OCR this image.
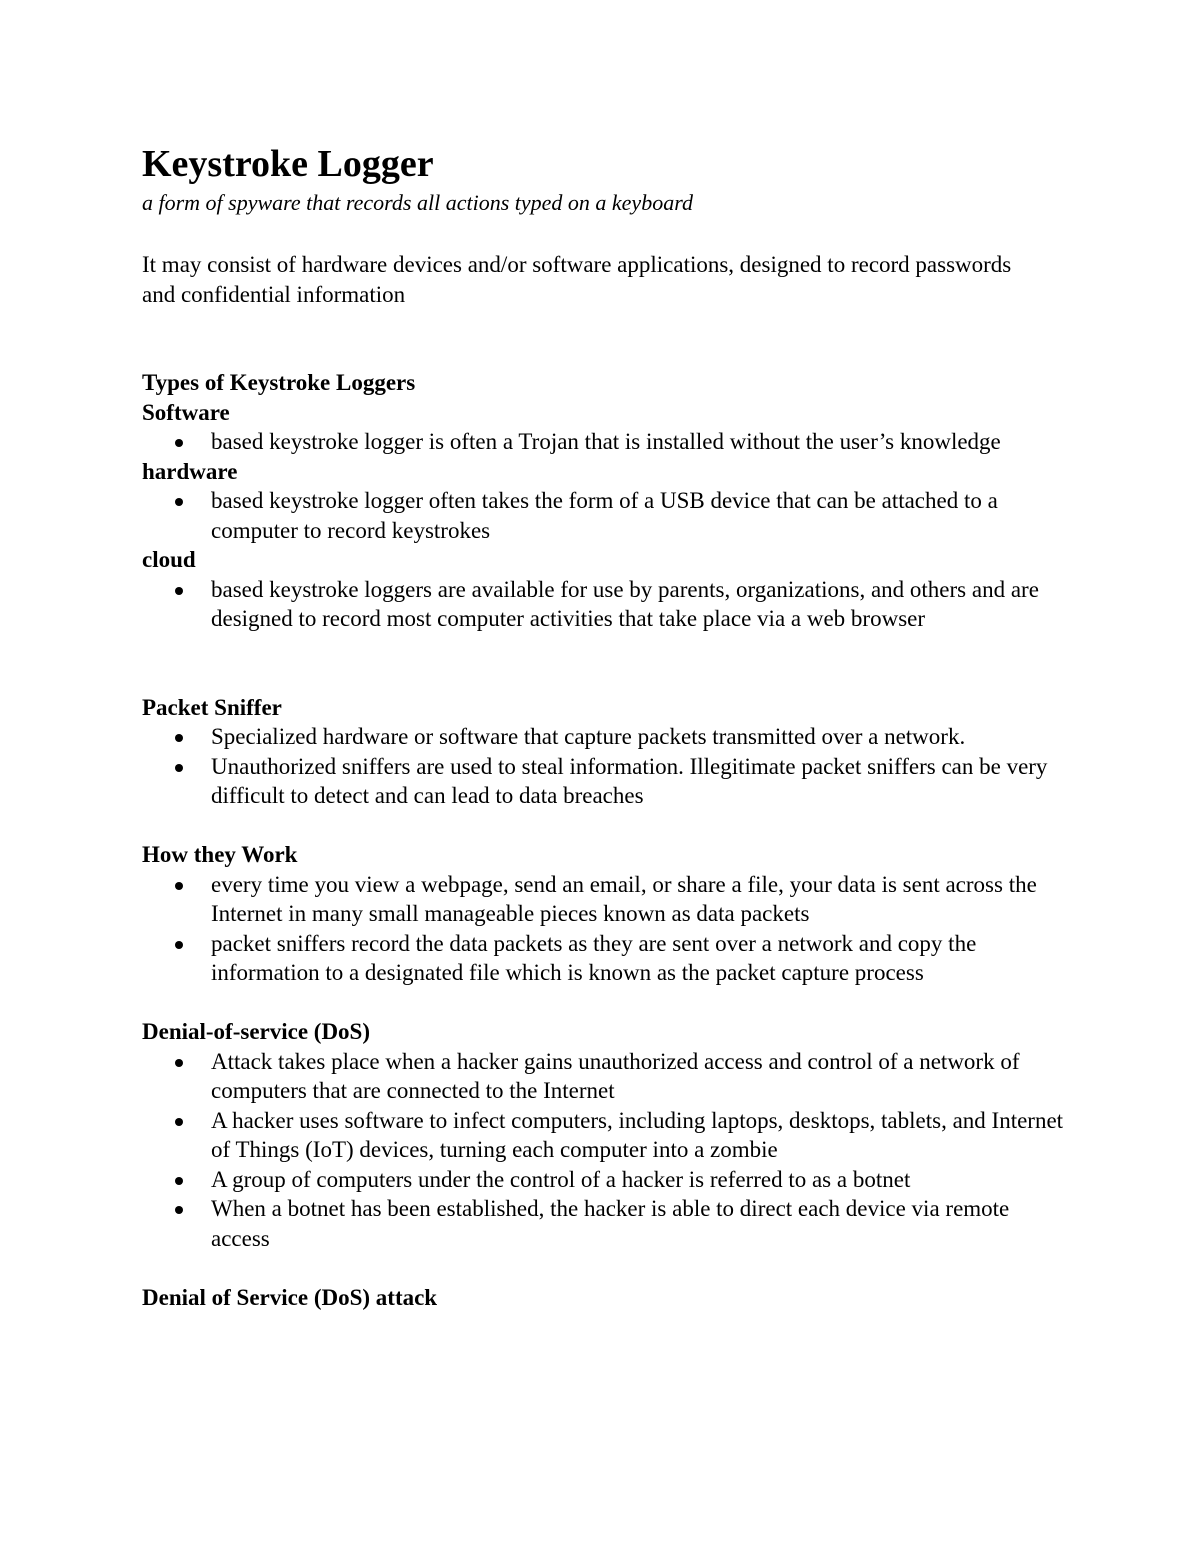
Keystroke Logger

a form of spyware that records all actions typed on a keyboard

It may consist of hardware devices and/or software applications, designed to record passwords and confidential information

Types of Keystroke Loggers

Software

based keystroke logger is often a Trojan that is installed without the user’s knowledge

hardware

based keystroke logger often takes the form of a USB device that can be attached to a computer to record keystrokes

cloud

based keystroke loggers are available for use by parents, organizations, and others and are designed to record most computer activities that take place via a web browser

Packet Sniffer

Specialized hardware or software that capture packets transmitted over a network.
Unauthorized sniffers are used to steal information. Illegitimate packet sniffers can be very difficult to detect and can lead to data breaches

How they Work

every time you view a webpage, send an email, or share a file, your data is sent across the Internet in many small manageable pieces known as data packets
packet sniffers record the data packets as they are sent over a network and copy the information to a designated file which is known as the packet capture process

Denial-of-service (DoS)

Attack takes place when a hacker gains unauthorized access and control of a network of computers that are connected to the Internet
A hacker uses software to infect computers, including laptops, desktops, tablets, and Internet of Things (IoT) devices, turning each computer into a zombie
A group of computers under the control of a hacker is referred to as a botnet
When a botnet has been established, the hacker is able to direct each device via remote access

Denial of Service (DoS) attack
